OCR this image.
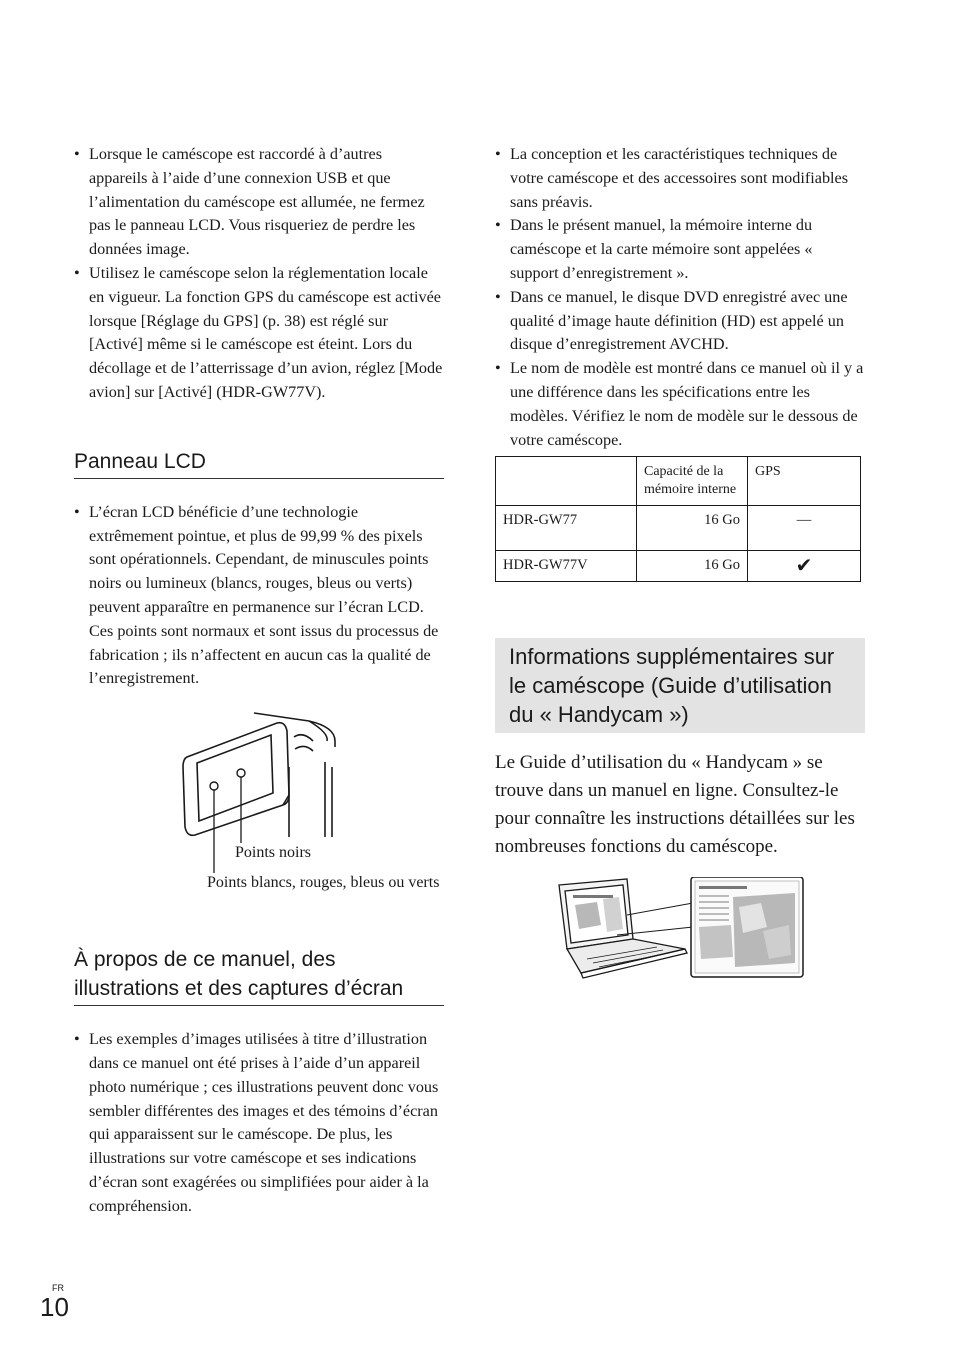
• Lorsque le caméscope est raccordé à d’autres appareils à l’aide d’une connexion USB et que l’alimentation du caméscope est allumée, ne fermez pas le panneau LCD. Vous risqueriez de perdre les données image.
• Utilisez le caméscope selon la réglementation locale en vigueur. La fonction GPS du caméscope est activée lorsque [Réglage du GPS] (p. 38) est réglé sur [Activé] même si le caméscope est éteint. Lors du décollage et de l’atterrissage d’un avion, réglez [Mode avion] sur [Activé] (HDR-GW77V).
Panneau LCD
• L’écran LCD bénéficie d’une technologie extrêmement pointue, et plus de 99,99 % des pixels sont opérationnels. Cependant, de minuscules points noirs ou lumineux (blancs, rouges, bleus ou verts) peuvent apparaître en permanence sur l’écran LCD. Ces points sont normaux et sont issus du processus de fabrication ; ils n’affectent en aucun cas la qualité de l’enregistrement.
Points noirs
Points blancs, rouges, bleus ou verts
À propos de ce manuel, des illustrations et des captures d’écran
• Les exemples d’images utilisées à titre d’illustration dans ce manuel ont été prises à l’aide d’un appareil photo numérique ; ces illustrations peuvent donc vous sembler différentes des images et des témoins d’écran qui apparaissent sur le caméscope. De plus, les illustrations sur votre caméscope et ses indications d’écran sont exagérées ou simplifiées pour aider à la compréhension.
• La conception et les caractéristiques techniques de votre caméscope et des accessoires sont modifiables sans préavis.
• Dans le présent manuel, la mémoire interne du caméscope et la carte mémoire sont appelées « support d’enregistrement ».
• Dans ce manuel, le disque DVD enregistré avec une qualité d’image haute définition (HD) est appelé un disque d’enregistrement AVCHD.
• Le nom de modèle est montré dans ce manuel où il y a une différence dans les spécifications entre les modèles. Vérifiez le nom de modèle sur le dessous de votre caméscope.
	Capacité de la mémoire interne	GPS
HDR-GW77	16 Go	—
HDR-GW77V	16 Go	✔
Informations supplémentaires sur le caméscope (Guide d’utilisation du « Handycam »)
Le Guide d’utilisation du « Handycam » se trouve dans un manuel en ligne. Consultez-le pour connaître les instructions détaillées sur les nombreuses fonctions du caméscope.
FR
10
